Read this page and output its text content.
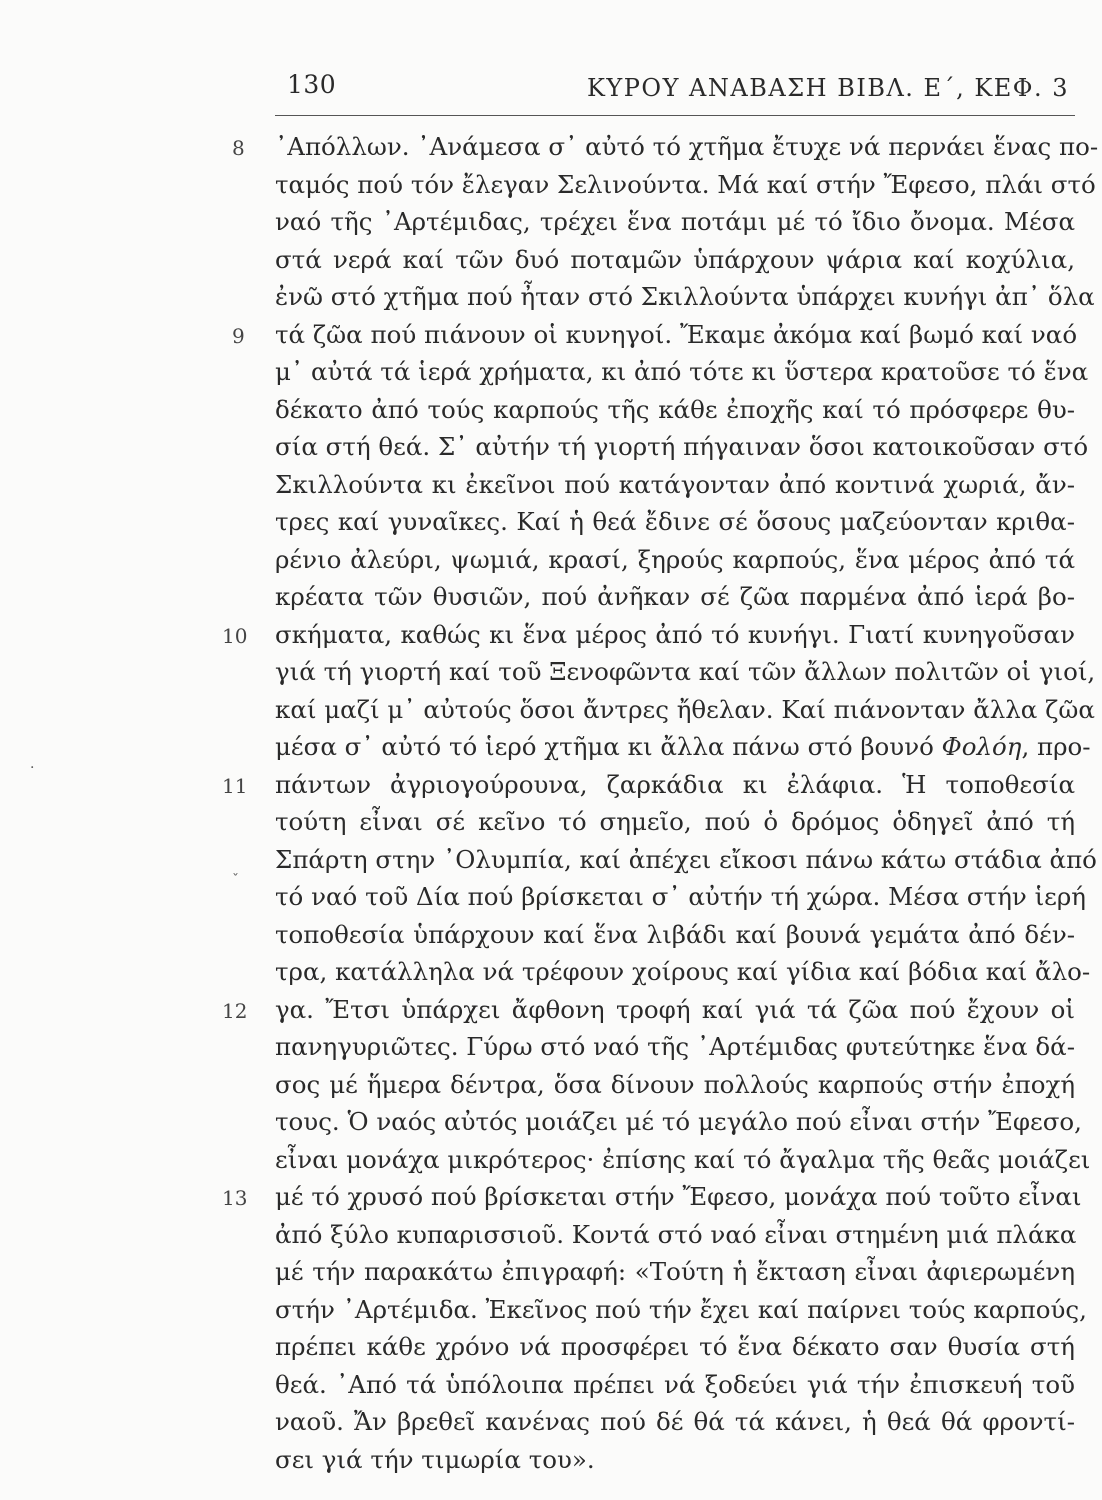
130	ΚΥΡΟΥ ΑΝΑΒΑΣΗ ΒΙΒΛ. Ε΄, ΚΕΦ. 3
8
9
10
11
12
13
·
ˇ
᾿Απόλλων. ᾿Ανάμεσα σ᾿ αὐτό τό χτῆμα ἔτυχε νά περνάει ἕνας πο-
ταμός πού τόν ἔλεγαν Σελινούντα. Μά καί στήν Ἔφεσο, πλάι στό
ναό τῆς ᾿Αρτέμιδας, τρέχει ἕνα ποτάμι μέ τό ἴδιο ὄνομα. Μέσα
στά νερά καί τῶν δυό ποταμῶν ὑπάρχουν ψάρια καί κοχύλια,
ἐνῶ στό χτῆμα πού ἦταν στό Σκιλλούντα ὑπάρχει κυνήγι ἀπ᾿ ὅλα
τά ζῶα πού πιάνουν οἱ κυνηγοί. Ἔκαμε ἀκόμα καί βωμό καί ναό
μ᾿ αὐτά τά ἱερά χρήματα, κι ἀπό τότε κι ὕστερα κρατοῦσε τό ἕνα
δέκατο ἀπό τούς καρπούς τῆς κάθε ἐποχῆς καί τό πρόσφερε θυ-
σία στή θεά. Σ᾿ αὐτήν τή γιορτή πήγαιναν ὅσοι κατοικοῦσαν στό
Σκιλλούντα κι ἐκεῖνοι πού κατάγονταν ἀπό κοντινά χωριά, ἄν-
τρες καί γυναῖκες. Καί ἡ θεά ἔδινε σέ ὅσους μαζεύονταν κριθα-
ρένιο ἀλεύρι, ψωμιά, κρασί, ξηρούς καρπούς, ἕνα μέρος ἀπό τά
κρέατα τῶν θυσιῶν, πού ἀνῆκαν σέ ζῶα παρμένα ἀπό ἱερά βο-
σκήματα, καθώς κι ἕνα μέρος ἀπό τό κυνήγι. Γιατί κυνηγοῦσαν
γιά τή γιορτή καί τοῦ Ξενοφῶντα καί τῶν ἄλλων πολιτῶν οἱ γιοί,
καί μαζί μ᾿ αὐτούς ὅσοι ἄντρες ἤθελαν. Καί πιάνονταν ἄλλα ζῶα
μέσα σ᾿ αὐτό τό ἱερό χτῆμα κι ἄλλα πάνω στό βουνό Φολόη, προ-
πάντων ἀγριογούρουνα, ζαρκάδια κι ἐλάφια. Ἡ τοποθεσία
τούτη εἶναι σέ κεῖνο τό σημεῖο, πού ὁ δρόμος ὁδηγεῖ ἀπό τή
Σπάρτη στην ᾿Ολυμπία, καί ἀπέχει εἴκοσι πάνω κάτω στάδια ἀπό
τό ναό τοῦ Δία πού βρίσκεται σ᾿ αὐτήν τή χώρα. Μέσα στήν ἱερή
τοποθεσία ὑπάρχουν καί ἕνα λιβάδι καί βουνά γεμάτα ἀπό δέν-
τρα, κατάλληλα νά τρέφουν χοίρους καί γίδια καί βόδια καί ἄλο-
γα. Ἔτσι ὑπάρχει ἄφθονη τροφή καί γιά τά ζῶα πού ἔχουν οἱ
πανηγυριῶτες. Γύρω στό ναό τῆς ᾿Αρτέμιδας φυτεύτηκε ἕνα δά-
σος μέ ἥμερα δέντρα, ὅσα δίνουν πολλούς καρπούς στήν ἐποχή
τους. Ὁ ναός αὐτός μοιάζει μέ τό μεγάλο πού εἶναι στήν Ἔφεσο,
εἶναι μονάχα μικρότερος· ἐπίσης καί τό ἄγαλμα τῆς θεᾶς μοιάζει
μέ τό χρυσό πού βρίσκεται στήν Ἔφεσο, μονάχα πού τοῦτο εἶναι
ἀπό ξύλο κυπαρισσιοῦ. Κοντά στό ναό εἶναι στημένη μιά πλάκα
μέ τήν παρακάτω ἐπιγραφή: «Τούτη ἡ ἔκταση εἶναι ἀφιερωμένη
στήν ᾿Αρτέμιδα. Ἐκεῖνος πού τήν ἔχει καί παίρνει τούς καρπούς,
πρέπει κάθε χρόνο νά προσφέρει τό ἕνα δέκατο σαν θυσία στή
θεά. ᾿Από τά ὑπόλοιπα πρέπει νά ξοδεύει γιά τήν ἐπισκευή τοῦ
ναοῦ. Ἄν βρεθεῖ κανένας πού δέ θά τά κάνει, ἡ θεά θά φροντί-
σει γιά τήν τιμωρία του».
